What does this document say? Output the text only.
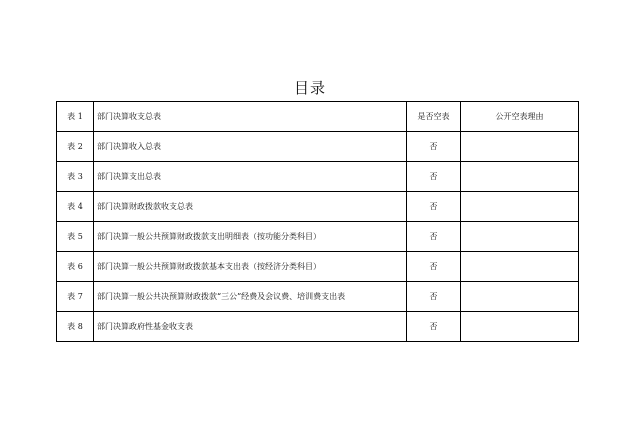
目录
表 1	部门决算收支总表	是否空表	公开空表理由
表 2	部门决算收入总表	否	
表 3	部门决算支出总表	否	
表 4	部门决算财政拨款收支总表	否	
表 5	部门决算一般公共预算财政拨款支出明细表（按功能分类科目）	否	
表 6	部门决算一般公共预算财政拨款基本支出表（按经济分类科目）	否	
表 7	部门决算一般公共决预算财政拨款“三公”经费及会议费、培训费支出表	否	
表 8	部门决算政府性基金收支表	否	
